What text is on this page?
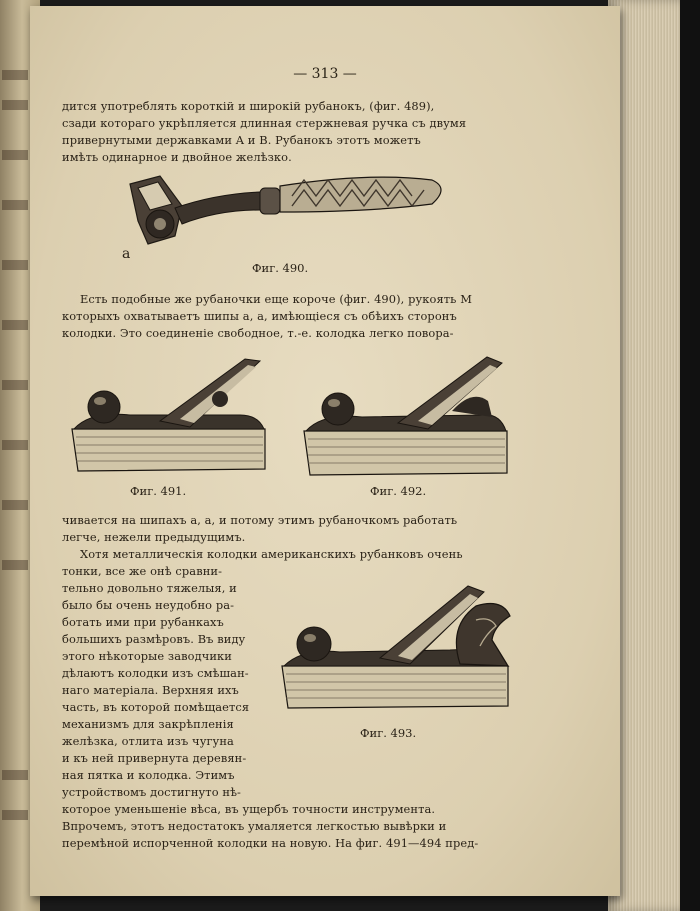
— 313 —
дится употреблять короткій и широкій рубанокъ, (фиг. 489),
сзади котораго укрѣпляется длинная стержневая ручка съ двумя
привернутыми державками A и B. Рубанокъ этотъ можетъ
имѣть одинарное и двойное желѣзко.
a
Фиг. 490.
Есть подобные же рубаночки еще короче (фиг. 490), рукоять M
которыхъ охватываетъ шипы a, a, имѣющіеся съ обѣихъ сторонъ
колодки. Это соединеніе свободное, т.-е. колодка легко повора-
Фиг. 491.	Фиг. 492.
чивается на шипахъ a, a, и потому этимъ рубаночкомъ работать
легче, нежели предыдущимъ.
Хотя металлическія колодки американскихъ рубанковъ очень
тонки, все же онѣ сравни-
тельно довольно тяжелыя, и
было бы очень неудобно ра-
ботать ими при рубанкахъ
большихъ размѣровъ. Въ виду
этого нѣкоторые заводчики
дѣлаютъ колодки изъ смѣшан-
наго матеріала. Верхняя ихъ
часть, въ которой помѣщается
механизмъ для закрѣпленія
желѣзка, отлита изъ чугуна
и къ ней привернута деревян-
ная пятка и колодка. Этимъ
устройствомъ достигнуто нѣ-
Фиг. 493.
которое уменьшеніе вѣса, въ ущербъ точности инструмента.
Впрочемъ, этотъ недостатокъ умаляется легкостью вывѣрки и
перемѣной испорченной колодки на новую. На фиг. 491—494 пред-
